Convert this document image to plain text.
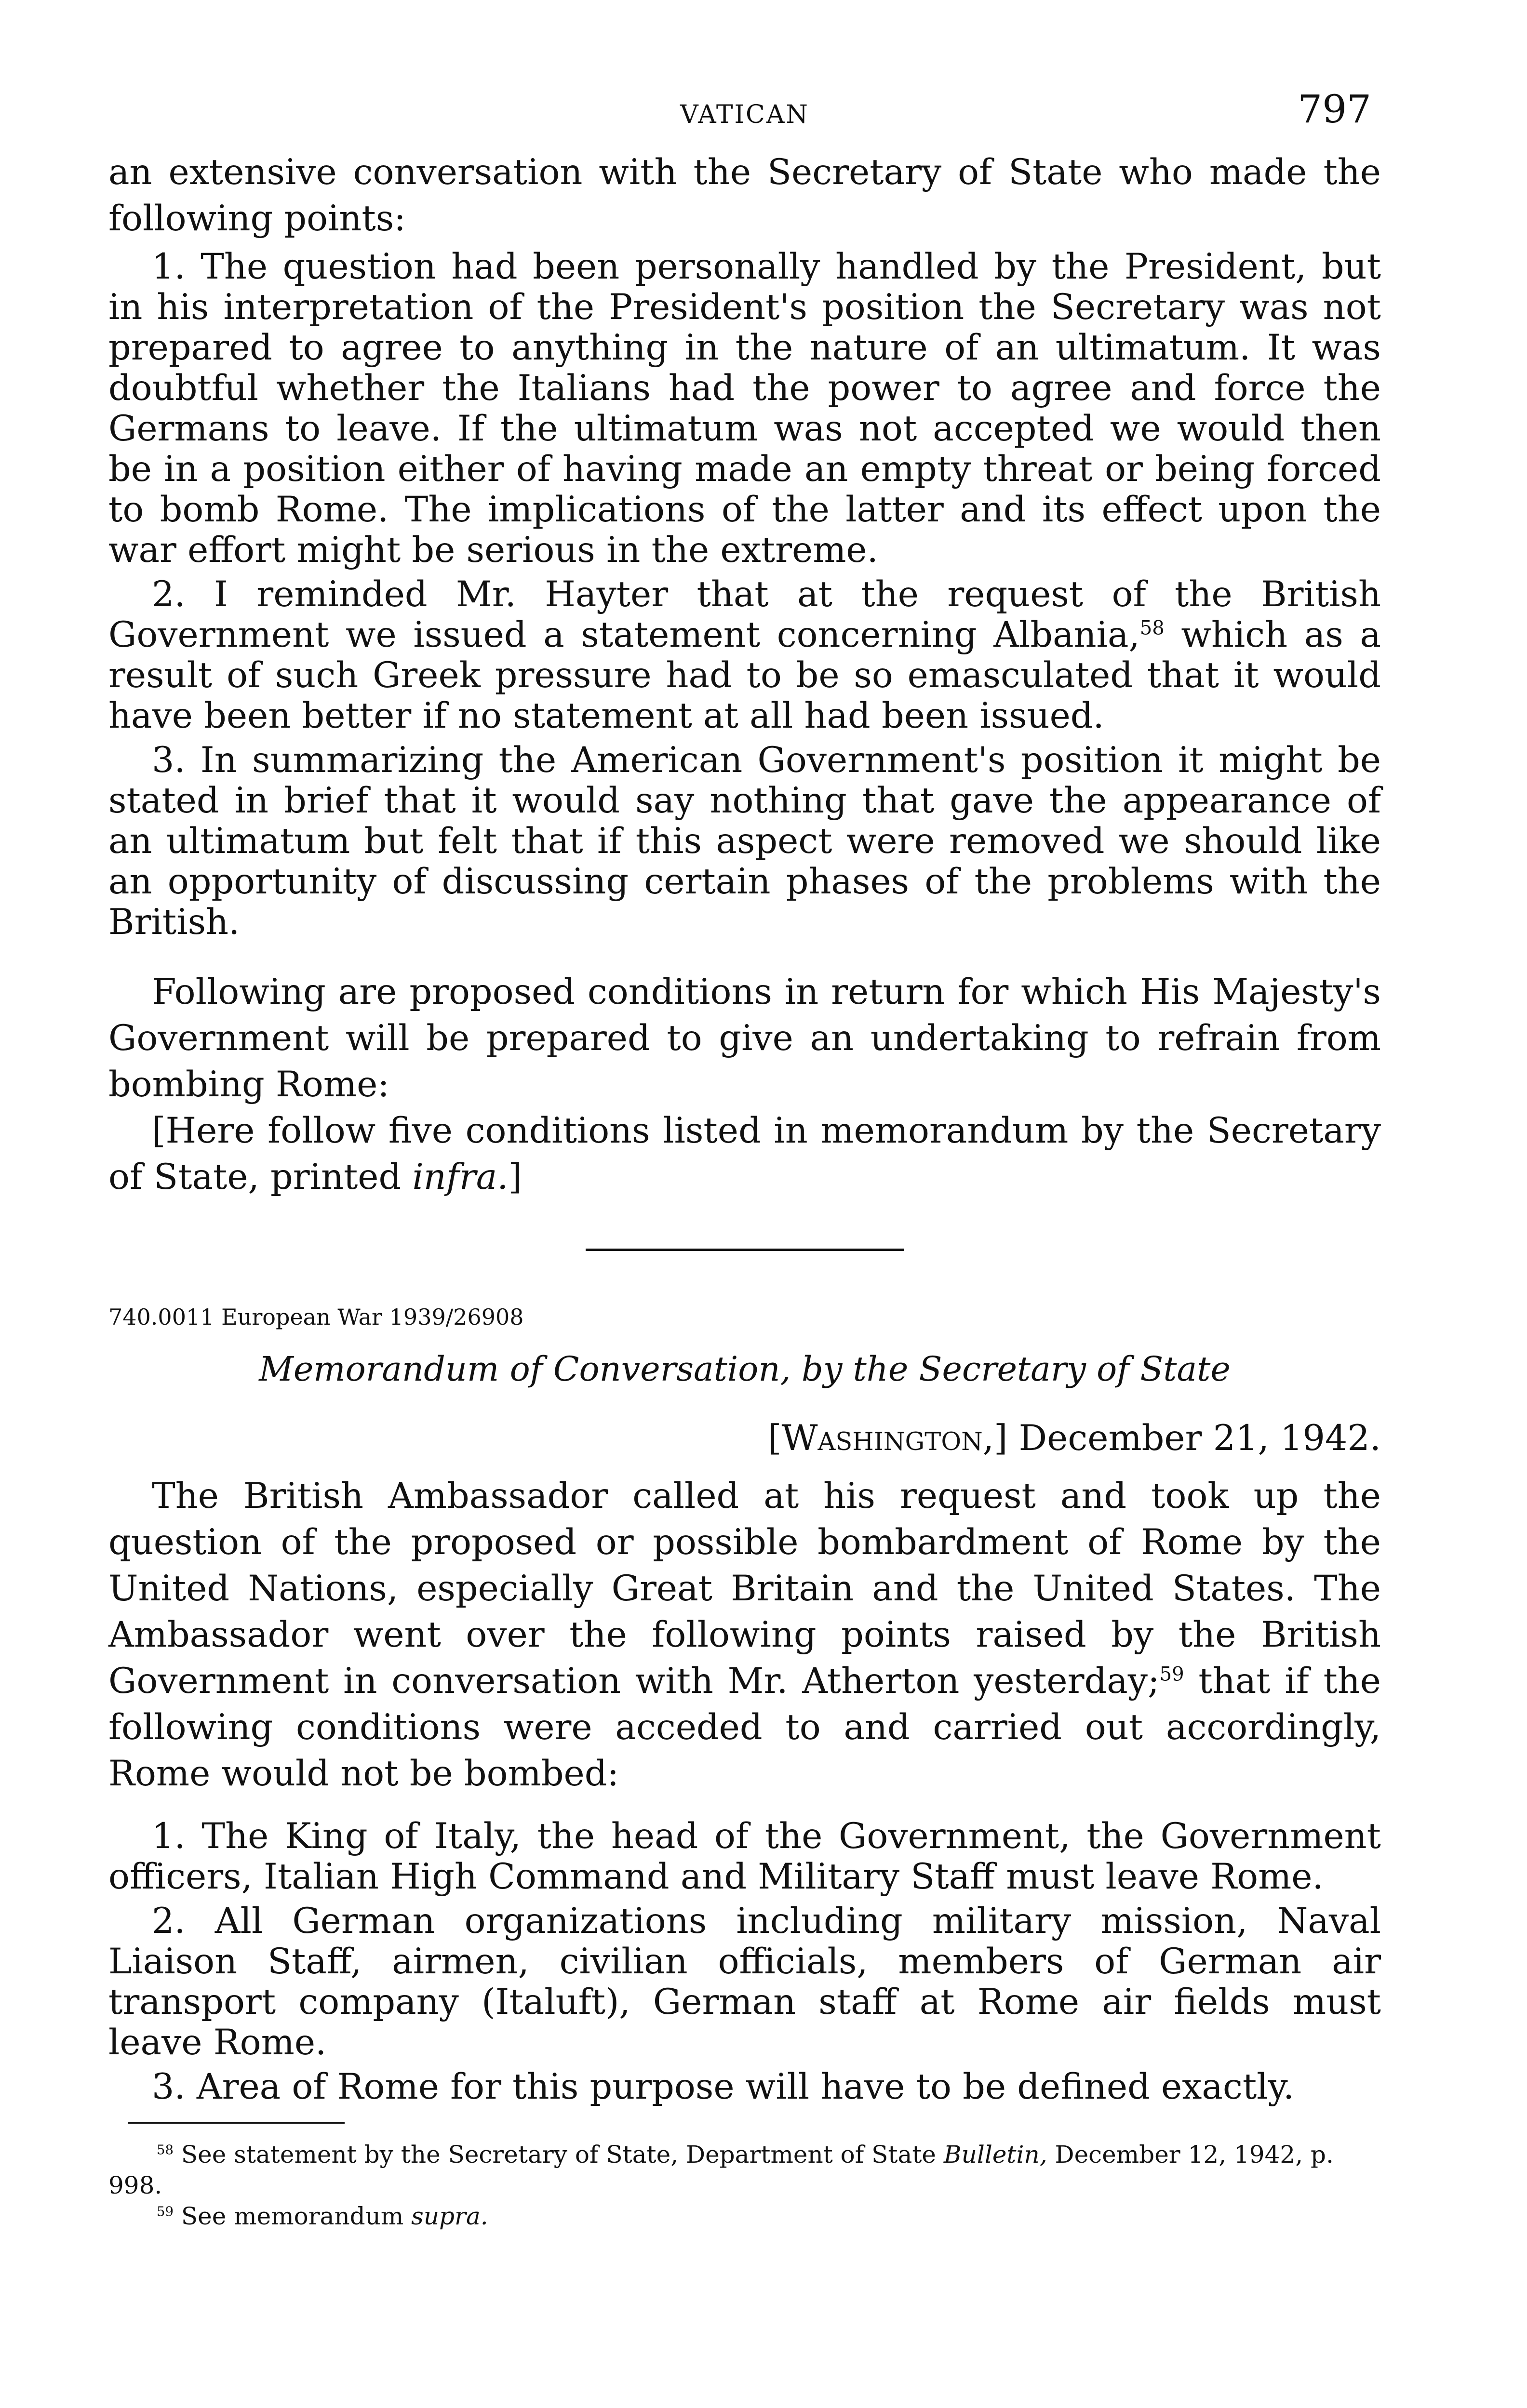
VATICAN	797

an extensive conversation with the Secretary of State who made the following points:

1. The question had been personally handled by the President, but in his interpretation of the President's position the Secretary was not prepared to agree to anything in the nature of an ultimatum. It was doubtful whether the Italians had the power to agree and force the Germans to leave. If the ultimatum was not accepted we would then be in a position either of having made an empty threat or being forced to bomb Rome. The implications of the latter and its effect upon the war effort might be serious in the extreme.

2. I reminded Mr. Hayter that at the request of the British Government we issued a statement concerning Albania,$^{58}$ which as a result of such Greek pressure had to be so emasculated that it would have been better if no statement at all had been issued.

3. In summarizing the American Government's position it might be stated in brief that it would say nothing that gave the appearance of an ultimatum but felt that if this aspect were removed we should like an opportunity of discussing certain phases of the problems with the British.

Following are proposed conditions in return for which His Majesty's Government will be prepared to give an undertaking to refrain from bombing Rome:

[Here follow five conditions listed in memorandum by the Secretary of State, printed infra.]

740.0011 European War 1939/26908

Memorandum of Conversation, by the Secretary of State

[Washington,] December 21, 1942.

The British Ambassador called at his request and took up the question of the proposed or possible bombardment of Rome by the United Nations, especially Great Britain and the United States. The Ambassador went over the following points raised by the British Government in conversation with Mr. Atherton yesterday;$^{59}$ that if the following conditions were acceded to and carried out accordingly, Rome would not be bombed:

1. The King of Italy, the head of the Government, the Government officers, Italian High Command and Military Staff must leave Rome.

2. All German organizations including military mission, Naval Liaison Staff, airmen, civilian officials, members of German air transport company (Italuft), German staff at Rome air fields must leave Rome.

3. Area of Rome for this purpose will have to be defined exactly.

$^{58}$ See statement by the Secretary of State, Department of State Bulletin, December 12, 1942, p. 998.

$^{59}$ See memorandum supra.
